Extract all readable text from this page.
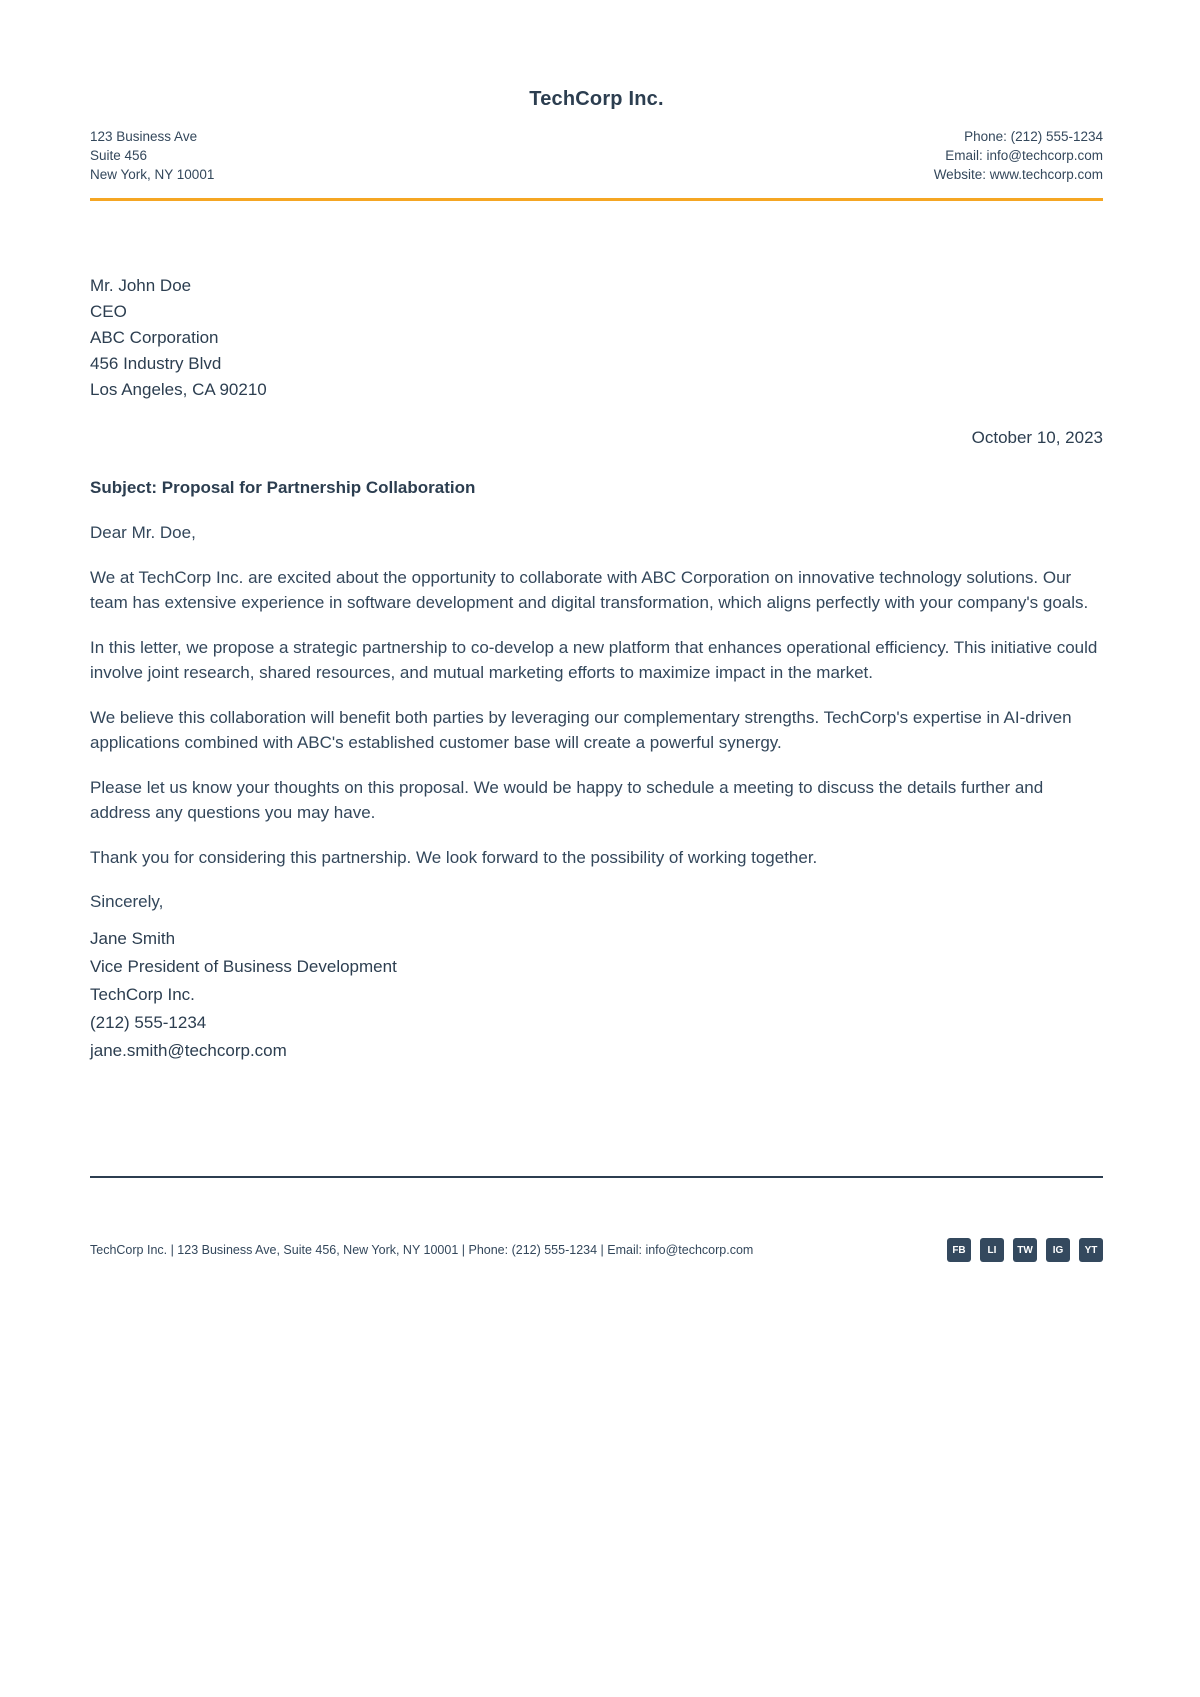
TechCorp Inc.
123 Business Ave
Suite 456
New York, NY 10001
Phone: (212) 555-1234
Email: info@techcorp.com
Website: www.techcorp.com
Mr. John Doe
CEO
ABC Corporation
456 Industry Blvd
Los Angeles, CA 90210
October 10, 2023
Subject: Proposal for Partnership Collaboration

Dear Mr. Doe,

We at TechCorp Inc. are excited about the opportunity to collaborate with ABC Corporation on innovative technology solutions. Our team has extensive experience in software development and digital transformation, which aligns perfectly with your company's goals.

In this letter, we propose a strategic partnership to co-develop a new platform that enhances operational efficiency. This initiative could involve joint research, shared resources, and mutual marketing efforts to maximize impact in the market.

We believe this collaboration will benefit both parties by leveraging our complementary strengths. TechCorp's expertise in AI-driven applications combined with ABC's established customer base will create a powerful synergy.

Please let us know your thoughts on this proposal. We would be happy to schedule a meeting to discuss the details further and address any questions you may have.

Thank you for considering this partnership. We look forward to the possibility of working together.

Sincerely,

Jane Smith
Vice President of Business Development
TechCorp Inc.
(212) 555-1234
jane.smith@techcorp.com
TechCorp Inc. | 123 Business Ave, Suite 456, New York, NY 10001 | Phone: (212) 555-1234 | Email: info@techcorp.com	FB	LI	TW	IG	YT
